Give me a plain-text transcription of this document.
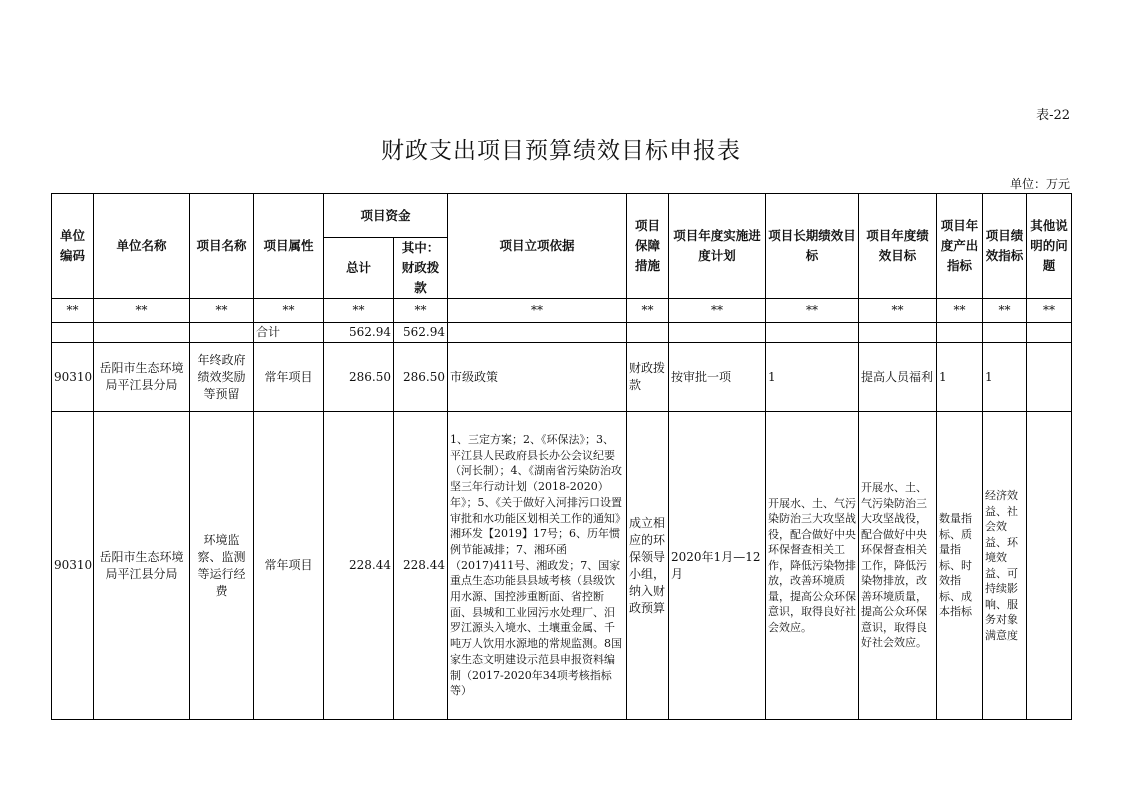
表-22
财政支出项目预算绩效目标申报表
单位：万元
单位编码	单位名称	项目名称	项目属性	项目资金		项目立项依据	项目保障措施	项目年度实施进度计划	项目长期绩效目标	项目年度绩效目标	项目年度产出指标	项目绩效指标	其他说明的问题
				总计	其中：财政拨款								
**	**	**	**	**	**	**	**	**	**	**	**	**	**
			合计	562.94	562.94								
90310	岳阳市生态环境局平江县分局	年终政府绩效奖励等预留	常年项目	286.50	286.50	市级政策	财政拨款	按审批一项	1	提高人员福利	1	1	
90310	岳阳市生态环境局平江县分局	环境监察、监测等运行经费	常年项目	228.44	228.44	1、三定方案；2、《环保法》；3、平江县人民政府县长办公会议纪要（河长制）；4、《湖南省污染防治攻坚三年行动计划（2018-2020）年》；5、《关于做好入河排污口设置审批和水功能区划相关工作的通知》湘环发【2019】17号；6、历年惯例节能减排；7、湘环函（2017)411号、湘政发；7、国家重点生态功能县县域考核（县级饮用水源、国控涉重断面、省控断面、县城和工业园污水处理厂、汨罗江源头入境水、土壤重金属、千吨万人饮用水源地的常规监测。8国家生态文明建设示范县申报资料编制（2017-2020年34项考核指标等）	成立相应的环保领导小组，纳入财政预算	2020年1月—12月	开展水、土、气污染防治三大攻坚战役，配合做好中央环保督查相关工作，降低污染物排放，改善环境质量，提高公众环保意识，取得良好社会效应。	开展水、土、气污染防治三大攻坚战役，配合做好中央环保督查相关工作，降低污染物排放，改善环境质量，提高公众环保意识，取得良好社会效应。	数量指标、质量指标、时效指标、成本指标	经济效益、社会效益、环境效益、可持续影响、服务对象满意度	
